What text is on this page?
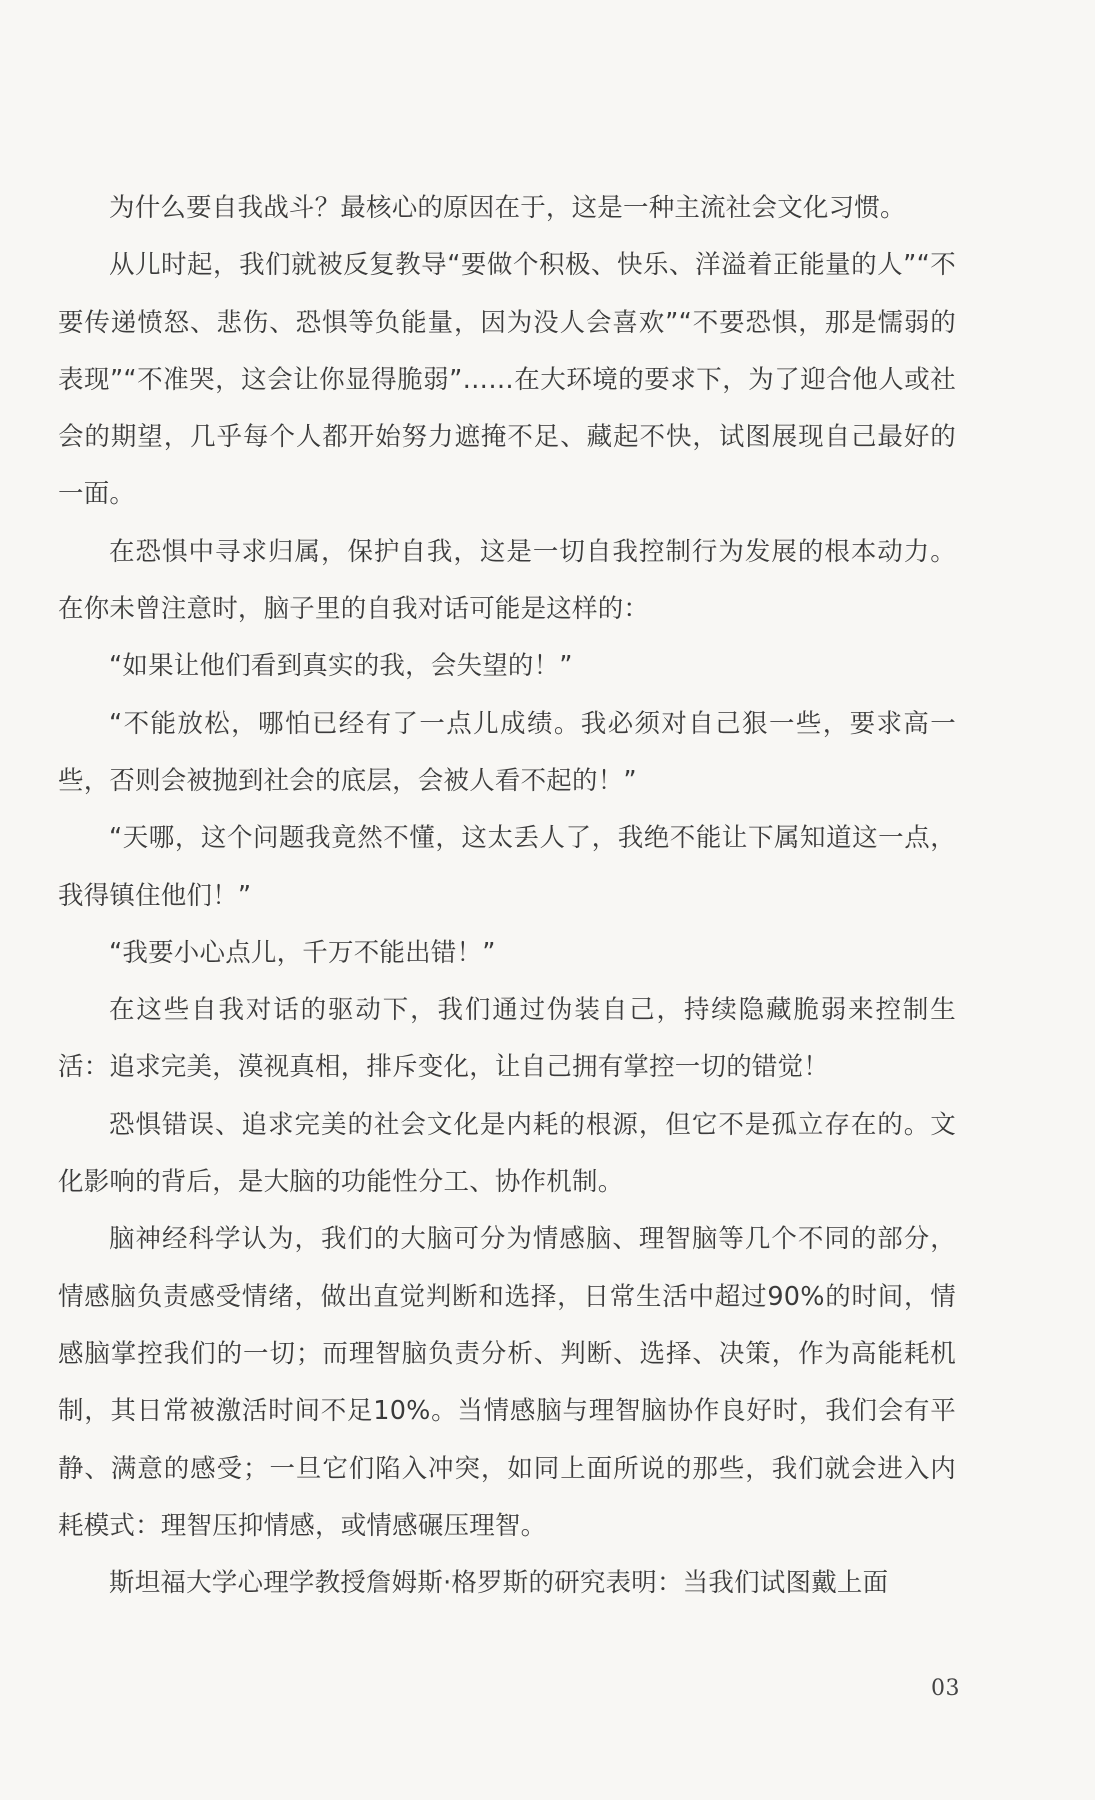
为什么要自我战斗？最核心的原因在于，这是一种主流社会文化习惯。

从儿时起，我们就被反复教导“要做个积极、快乐、洋溢着正能量的人”“不要传递愤怒、悲伤、恐惧等负能量，因为没人会喜欢”“不要恐惧，那是懦弱的表现”“不准哭，这会让你显得脆弱”……在大环境的要求下，为了迎合他人或社会的期望，几乎每个人都开始努力遮掩不足、藏起不快，试图展现自己最好的一面。

在恐惧中寻求归属，保护自我，这是一切自我控制行为发展的根本动力。在你未曾注意时，脑子里的自我对话可能是这样的：

“如果让他们看到真实的我，会失望的！”

“不能放松，哪怕已经有了一点儿成绩。我必须对自己狠一些，要求高一些，否则会被抛到社会的底层，会被人看不起的！”

“天哪，这个问题我竟然不懂，这太丢人了，我绝不能让下属知道这一点，我得镇住他们！”

“我要小心点儿，千万不能出错！”

在这些自我对话的驱动下，我们通过伪装自己，持续隐藏脆弱来控制生活：追求完美，漠视真相，排斥变化，让自己拥有掌控一切的错觉！

恐惧错误、追求完美的社会文化是内耗的根源，但它不是孤立存在的。文化影响的背后，是大脑的功能性分工、协作机制。

脑神经科学认为，我们的大脑可分为情感脑、理智脑等几个不同的部分，情感脑负责感受情绪，做出直觉判断和选择，日常生活中超过90%的时间，情感脑掌控我们的一切；而理智脑负责分析、判断、选择、决策，作为高能耗机制，其日常被激活时间不足10%。当情感脑与理智脑协作良好时，我们会有平静、满意的感受；一旦它们陷入冲突，如同上面所说的那些，我们就会进入内耗模式：理智压抑情感，或情感碾压理智。

斯坦福大学心理学教授詹姆斯·格罗斯的研究表明：当我们试图戴上面

03
